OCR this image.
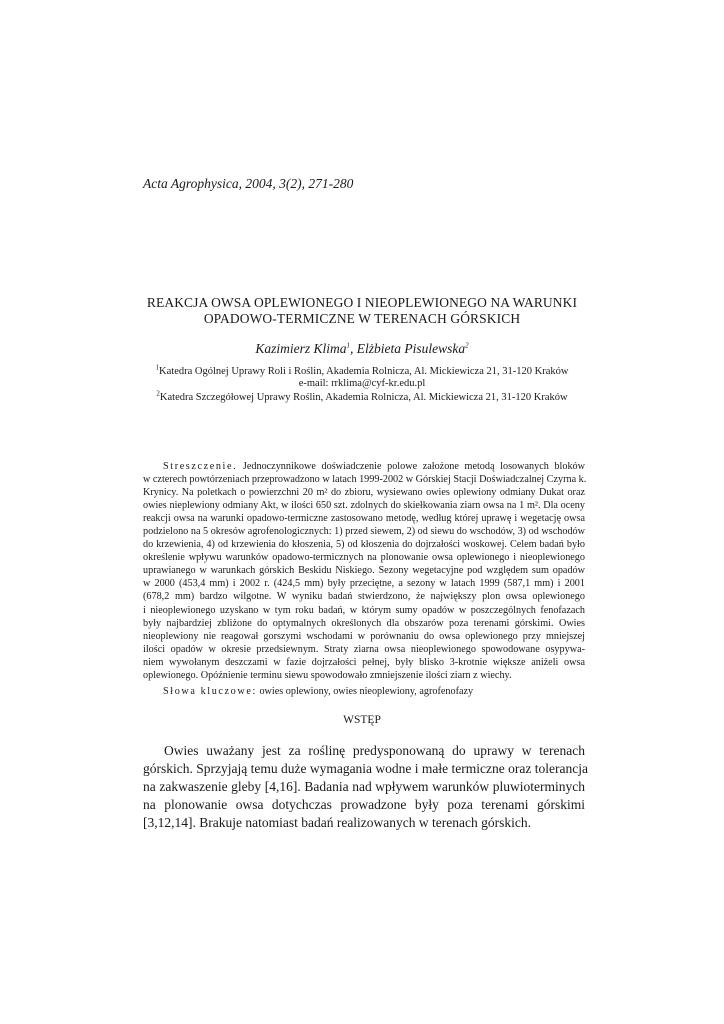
Acta Agrophysica, 2004, 3(2), 271-280
REAKCJA OWSA OPLEWIONEGO I NIEOPLEWIONEGO NA WARUNKI
OPADOWO-TERMICZNE W TERENACH GÓRSKICH
Kazimierz Klima$^1$, Elżbieta Pisulewska$^2$
$^1$Katedra Ogólnej Uprawy Roli i Roślin, Akademia Rolnicza, Al. Mickiewicza 21, 31-120 Kraków
e-mail: rrklima@cyf-kr.edu.pl
$^2$Katedra Szczegółowej Uprawy Roślin, Akademia Rolnicza, Al. Mickiewicza 21, 31-120 Kraków
Streszczenie. Jednoczynnikowe doświadczenie polowe założone metodą losowanych bloków
w czterech powtórzeniach przeprowadzono w latach 1999-2002 w Górskiej Stacji Doświadczalnej Czyrna k.
Krynicy. Na poletkach o powierzchni 20 m² do zbioru, wysiewano owies oplewiony odmiany Dukat oraz
owies nieplewiony odmiany Akt, w ilości 650 szt. zdolnych do skiełkowania ziarn owsa na 1 m². Dla oceny
reakcji owsa na warunki opadowo-termiczne zastosowano metodę, według której uprawę i wegetację owsa
podzielono na 5 okresów agrofenologicznych: 1) przed siewem, 2) od siewu do wschodów, 3) od wschodów
do krzewienia, 4) od krzewienia do kłoszenia, 5) od kłoszenia do dojrzałości woskowej. Celem badań było
określenie wpływu warunków opadowo-termicznych na plonowanie owsa oplewionego i nieoplewionego
uprawianego w warunkach górskich Beskidu Niskiego. Sezony wegetacyjne pod względem sum opadów
w 2000 (453,4 mm) i 2002 r. (424,5 mm) były przeciętne, a sezony w latach 1999 (587,1 mm) i 2001
(678,2 mm) bardzo wilgotne. W wyniku badań stwierdzono, że największy plon owsa oplewionego
i nieoplewionego uzyskano w tym roku badań, w którym sumy opadów w poszczególnych fenofazach
były najbardziej zbliżone do optymalnych określonych dla obszarów poza terenami górskimi. Owies
nieoplewiony nie reagował gorszymi wschodami w porównaniu do owsa oplewionego przy mniejszej
ilości opadów w okresie przedsiewnym. Straty ziarna owsa nieoplewionego spowodowane osypywa-
niem wywołanym deszczami w fazie dojrzałości pełnej, były blisko 3-krotnie większe aniżeli owsa
oplewionego. Opóźnienie terminu siewu spowodowało zmniejszenie ilości ziarn z wiechy.
Słowa kluczowe: owies oplewiony, owies nieoplewiony, agrofenofazy
WSTĘP
Owies uważany jest za roślinę predysponowaną do uprawy w terenach
górskich. Sprzyjają temu duże wymagania wodne i małe termiczne oraz tolerancja
na zakwaszenie gleby [4,16]. Badania nad wpływem warunków pluwioterminych
na plonowanie owsa dotychczas prowadzone były poza terenami górskimi
[3,12,14]. Brakuje natomiast badań realizowanych w terenach górskich.
